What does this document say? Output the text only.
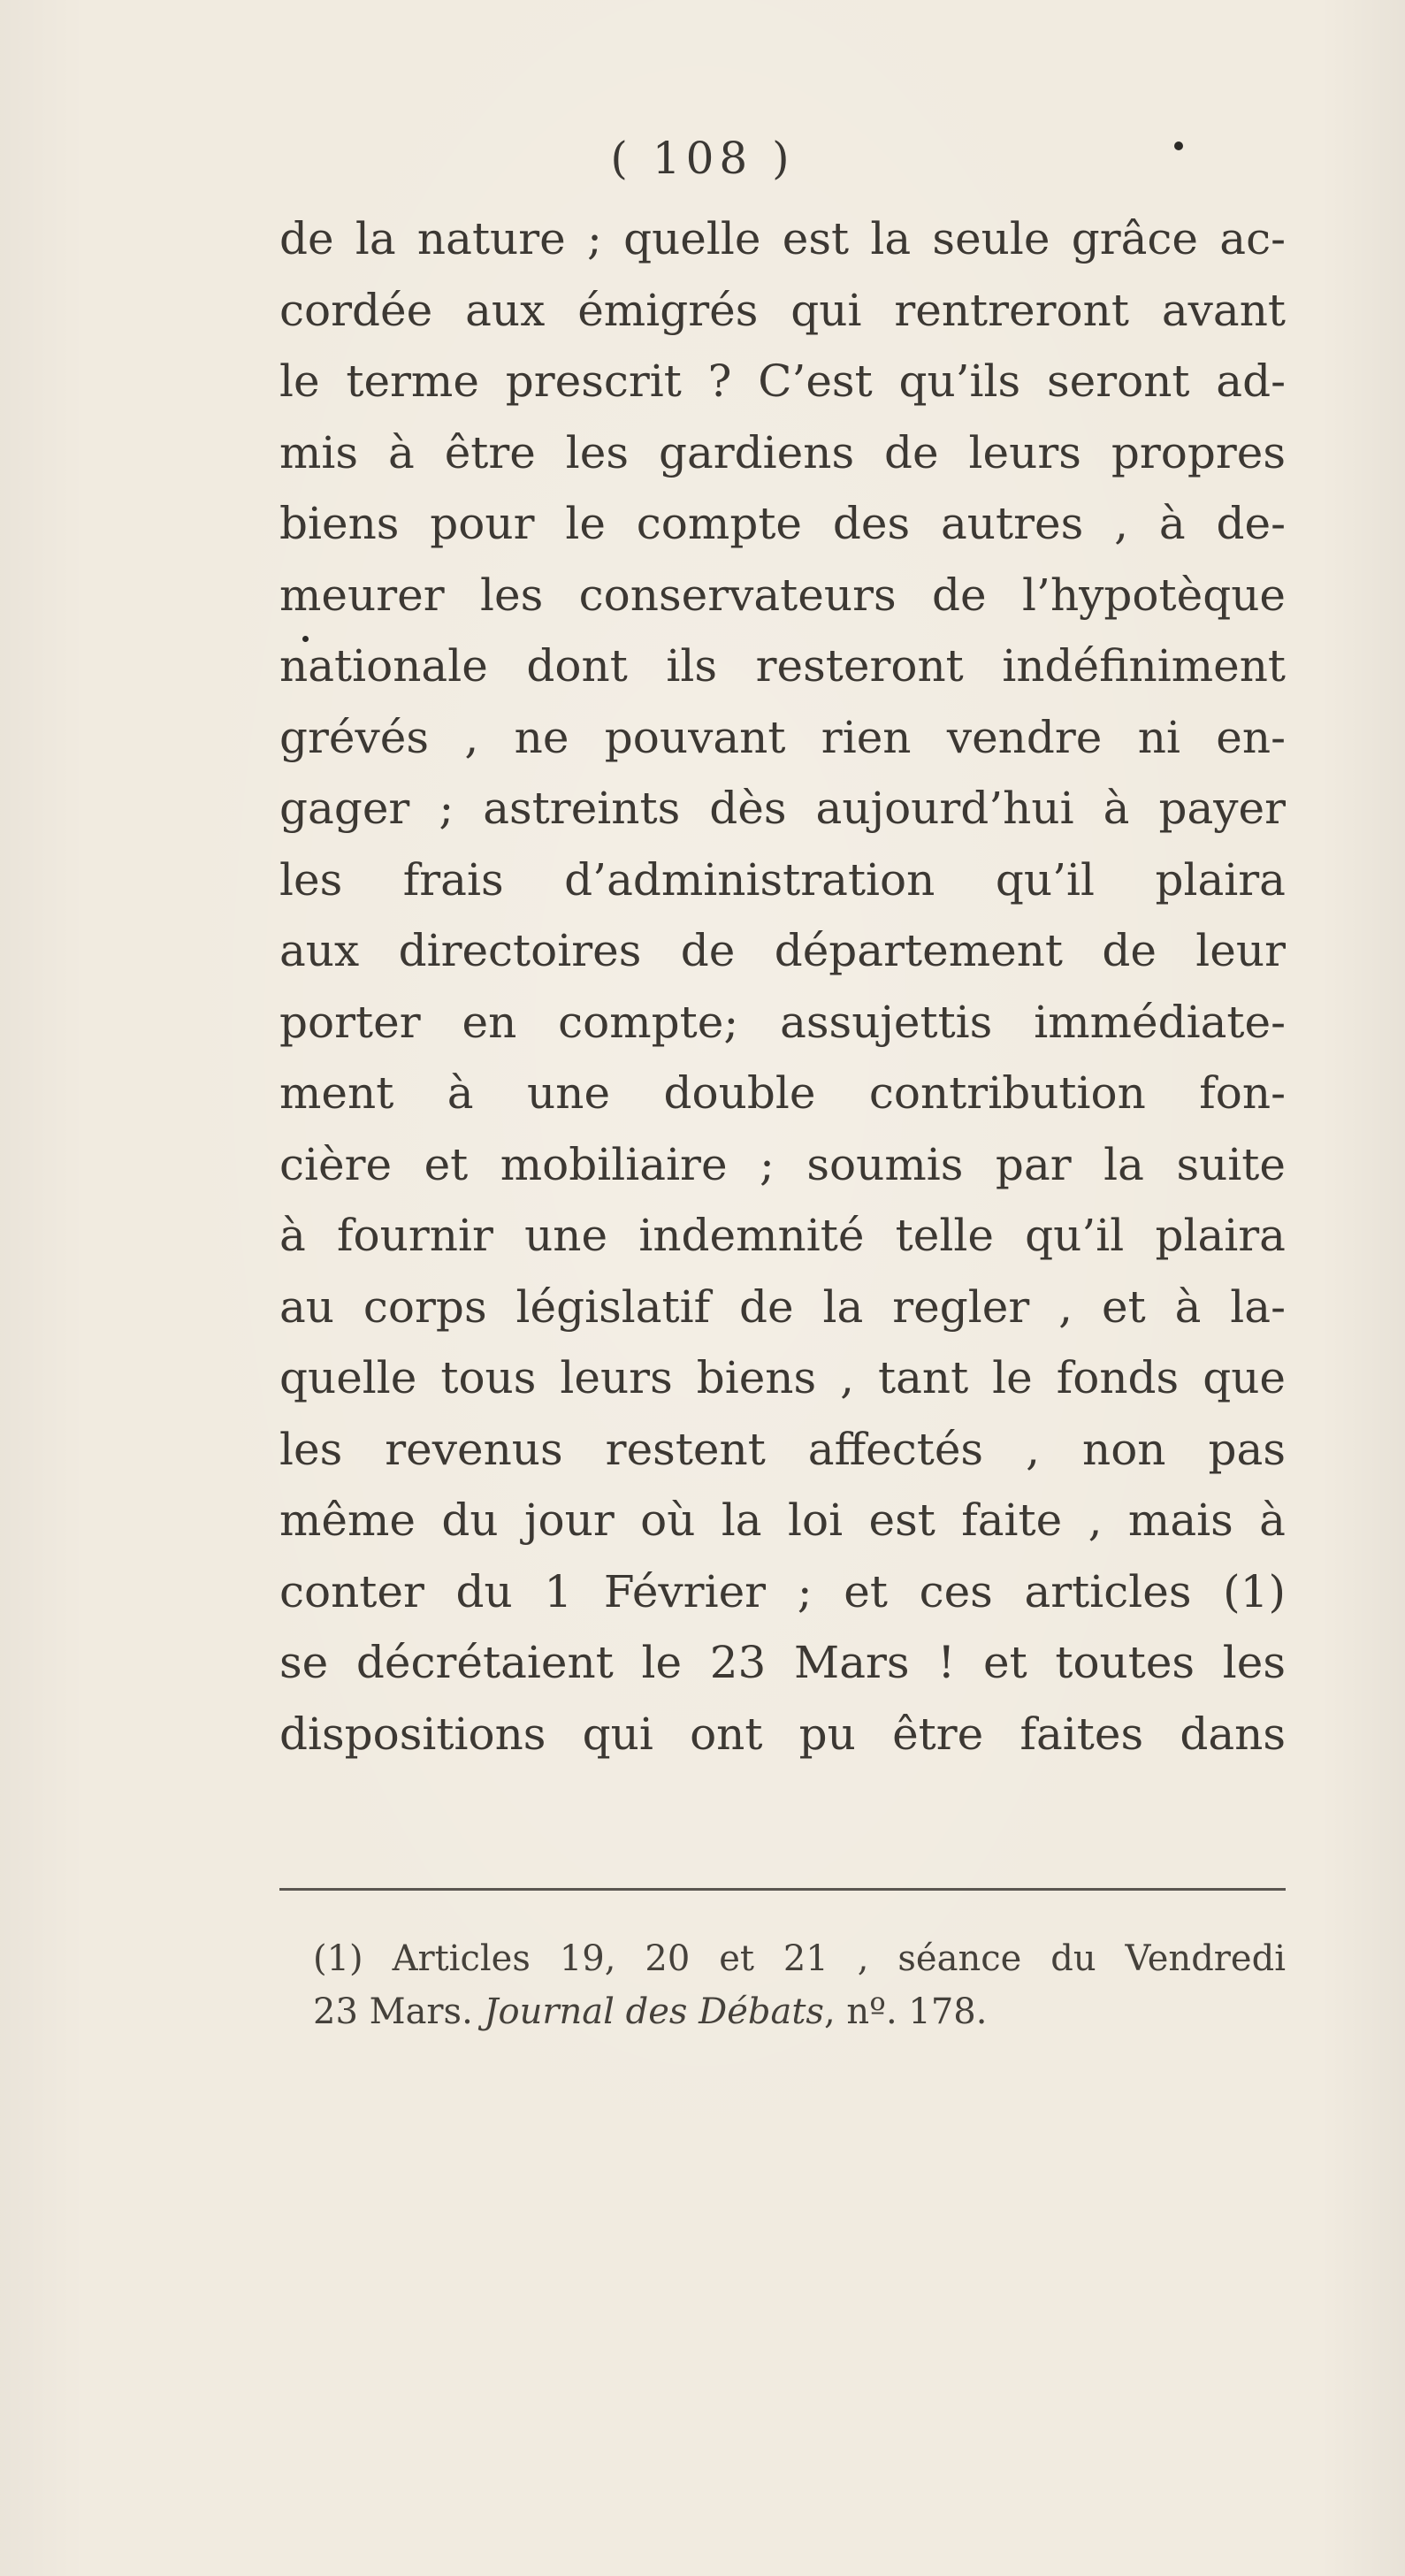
( 108 )
de la nature ; quelle est la seule grâce ac-
cordée aux émigrés qui rentreront avant
le terme prescrit ? C’est qu’ils seront ad-
mis à être les gardiens de leurs propres
biens pour le compte des autres , à de-
meurer les conservateurs de l’hypotèque
nationale dont ils resteront indéfiniment
grévés , ne pouvant rien vendre ni en-
gager ; astreints dès aujourd’hui à payer
les frais d’administration qu’il plaira
aux directoires de département de leur
porter en compte; assujettis immédiate-
ment à une double contribution fon-
cière et mobiliaire ; soumis par la suite
à fournir une indemnité telle qu’il plaira
au corps législatif de la regler , et à la-
quelle tous leurs biens , tant le fonds que
les revenus restent affectés , non pas
même du jour où la loi est faite , mais à
conter du 1 Février ; et ces articles (1)
se décrétaient le 23 Mars ! et toutes les
dispositions qui ont pu être faites dans
(1) Articles 19, 20 et 21 , séance du Vendredi
23 Mars. Journal des Débats, nº. 178.
